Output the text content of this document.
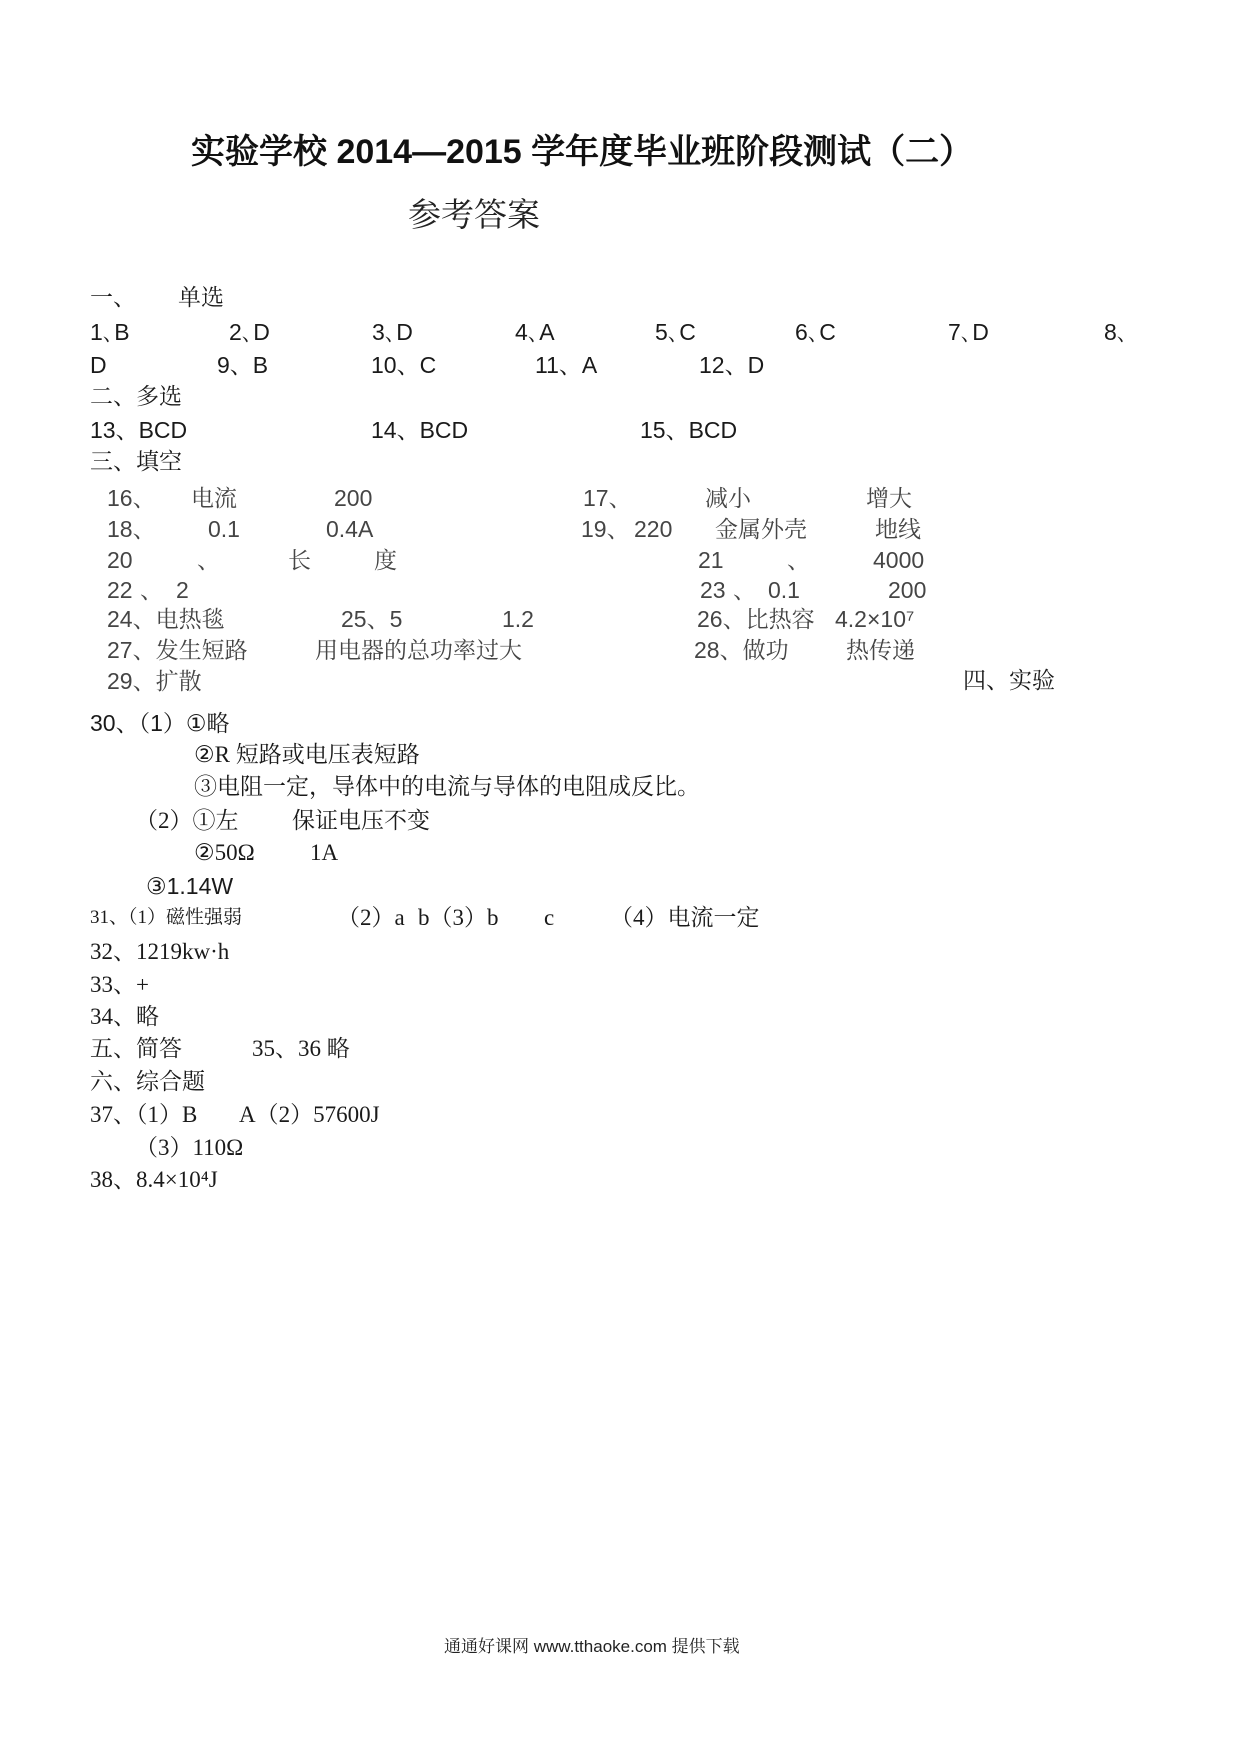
实验学校 2014—2015 学年度毕业班阶段测试（二）
参考答案
一、 单选
1､B	2､D	3､D	4､A	5､C	6､C	7､D	8､
D	9、B	10、C	11、A	12、D
二、多选
13、BCD	14、BCD	15、BCD
三、填空
16、 电流	200	17、	减小	增大
18、 0.1	0.4A	19、 220 金属外壳	地线
20	、	长	度	21	、	4000
22 、 2	23 、 0.1	200
24、电热毯	25、5	1.2	26、比热容 4.2×10⁷
27、发生短路	用电器的总功率过大	28、做功 热传递
29、扩散	四、实验
30、（1）①略
②R 短路或电压表短路
③电阻一定，导体中的电流与导体的电阻成反比。
（2）①左 保证电压不变
②50Ω 1A
③1.14W
31、（1）磁性强弱	（2）a b（3）b c （4）电流一定
32、1219kw·h
33、+
34、略
五、简答	35、36 略
六、综合题
37、（1）B A（2）57600J
（3）110Ω
38、8.4×10⁴J
通通好课网 www.tthaoke.com 提供下载
